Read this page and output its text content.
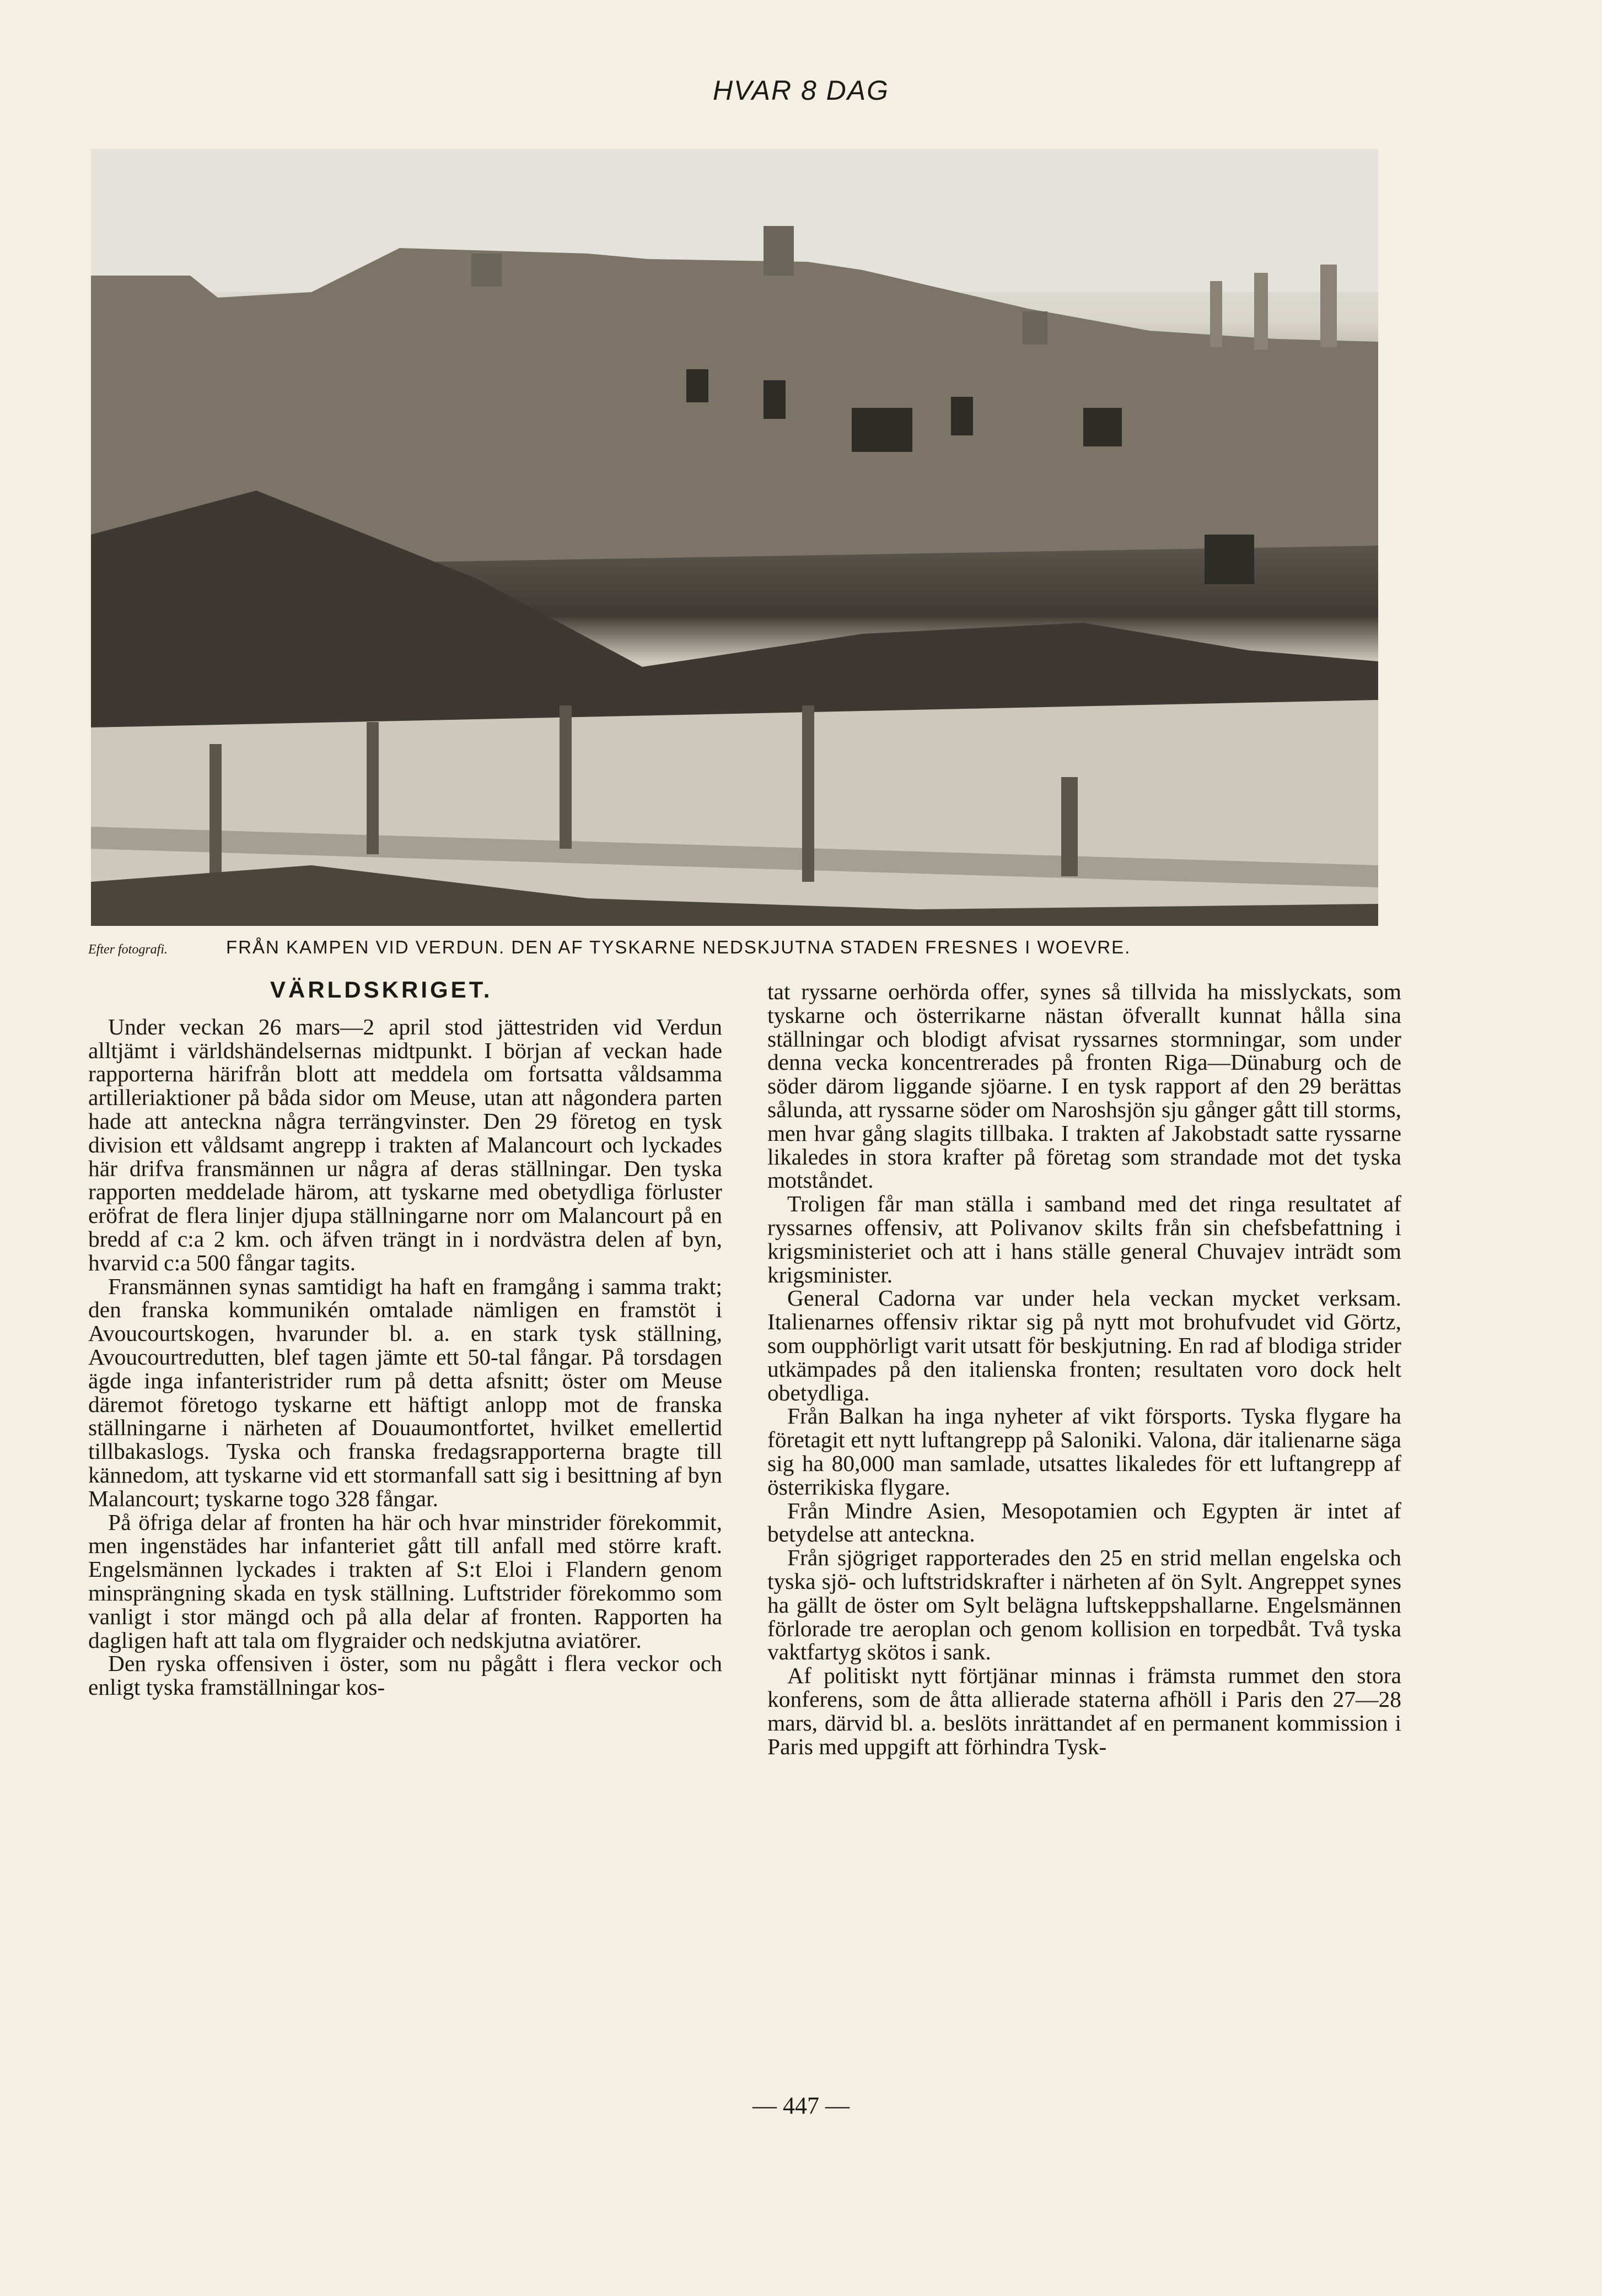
HVAR 8 DAG
Efter fotografi.	FRÅN KAMPEN VID VERDUN. DEN AF TYSKARNE NEDSKJUTNA STADEN FRESNES I WOEVRE.
VÄRLDSKRIGET.

Under veckan 26 mars—2 april stod jättestriden vid Verdun alltjämt i världshändelsernas midtpunkt. I början af veckan hade rapporterna härifrån blott att meddela om fortsatta våldsamma artilleriaktioner på båda sidor om Meuse, utan att någondera parten hade att anteckna några terrängvinster. Den 29 företog en tysk division ett våldsamt angrepp i trakten af Malancourt och lyckades här drifva fransmännen ur några af deras ställningar. Den tyska rapporten meddelade härom, att tyskarne med obetydliga förluster eröfrat de flera linjer djupa ställningarne norr om Malancourt på en bredd af c:a 2 km. och äfven trängt in i nordvästra delen af byn, hvarvid c:a 500 fångar tagits.

Fransmännen synas samtidigt ha haft en framgång i samma trakt; den franska kommunikén omtalade nämligen en framstöt i Avoucourtskogen, hvarunder bl. a. en stark tysk ställning, Avoucourtredutten, blef tagen jämte ett 50-tal fångar. På torsdagen ägde inga infanteristrider rum på detta afsnitt; öster om Meuse däremot företogo tyskarne ett häftigt anlopp mot de franska ställningarne i närheten af Douaumontfortet, hvilket emellertid tillbakaslogs. Tyska och franska fredagsrapporterna bragte till kännedom, att tyskarne vid ett stormanfall satt sig i besittning af byn Malancourt; tyskarne togo 328 fångar.

På öfriga delar af fronten ha här och hvar minstrider förekommit, men ingenstädes har infanteriet gått till anfall med större kraft. Engelsmännen lyckades i trakten af S:t Eloi i Flandern genom minsprängning skada en tysk ställning. Luftstrider förekommo som vanligt i stor mängd och på alla delar af fronten. Rapporten ha dagligen haft att tala om flygraider och nedskjutna aviatörer.

Den ryska offensiven i öster, som nu pågått i flera veckor och enligt tyska framställningar kos-

tat ryssarne oerhörda offer, synes så tillvida ha misslyckats, som tyskarne och österrikarne nästan öfverallt kunnat hålla sina ställningar och blodigt afvisat ryssarnes stormningar, som under denna vecka koncentrerades på fronten Riga—Dünaburg och de söder därom liggande sjöarne. I en tysk rapport af den 29 berättas sålunda, att ryssarne söder om Naroshsjön sju gånger gått till storms, men hvar gång slagits tillbaka. I trakten af Jakobstadt satte ryssarne likaledes in stora krafter på företag som strandade mot det tyska motståndet.

Troligen får man ställa i samband med det ringa resultatet af ryssarnes offensiv, att Polivanov skilts från sin chefsbefattning i krigsministeriet och att i hans ställe general Chuvajev inträdt som krigsminister.

General Cadorna var under hela veckan mycket verksam. Italienarnes offensiv riktar sig på nytt mot brohufvudet vid Görtz, som oupphörligt varit utsatt för beskjutning. En rad af blodiga strider utkämpades på den italienska fronten; resultaten voro dock helt obetydliga.

Från Balkan ha inga nyheter af vikt försports. Tyska flygare ha företagit ett nytt luftangrepp på Saloniki. Valona, där italienarne säga sig ha 80,000 man samlade, utsattes likaledes för ett luftangrepp af österrikiska flygare.

Från Mindre Asien, Mesopotamien och Egypten är intet af betydelse att anteckna.

Från sjögriget rapporterades den 25 en strid mellan engelska och tyska sjö- och luftstridskrafter i närheten af ön Sylt. Angreppet synes ha gällt de öster om Sylt belägna luftskeppshallarne. Engelsmännen förlorade tre aeroplan och genom kollision en torpedbåt. Två tyska vaktfartyg skötos i sank.

Af politiskt nytt förtjänar minnas i främsta rummet den stora konferens, som de åtta allierade staterna afhöll i Paris den 27—28 mars, därvid bl. a. beslöts inrättandet af en permanent kommission i Paris med uppgift att förhindra Tysk-

— 447 —
